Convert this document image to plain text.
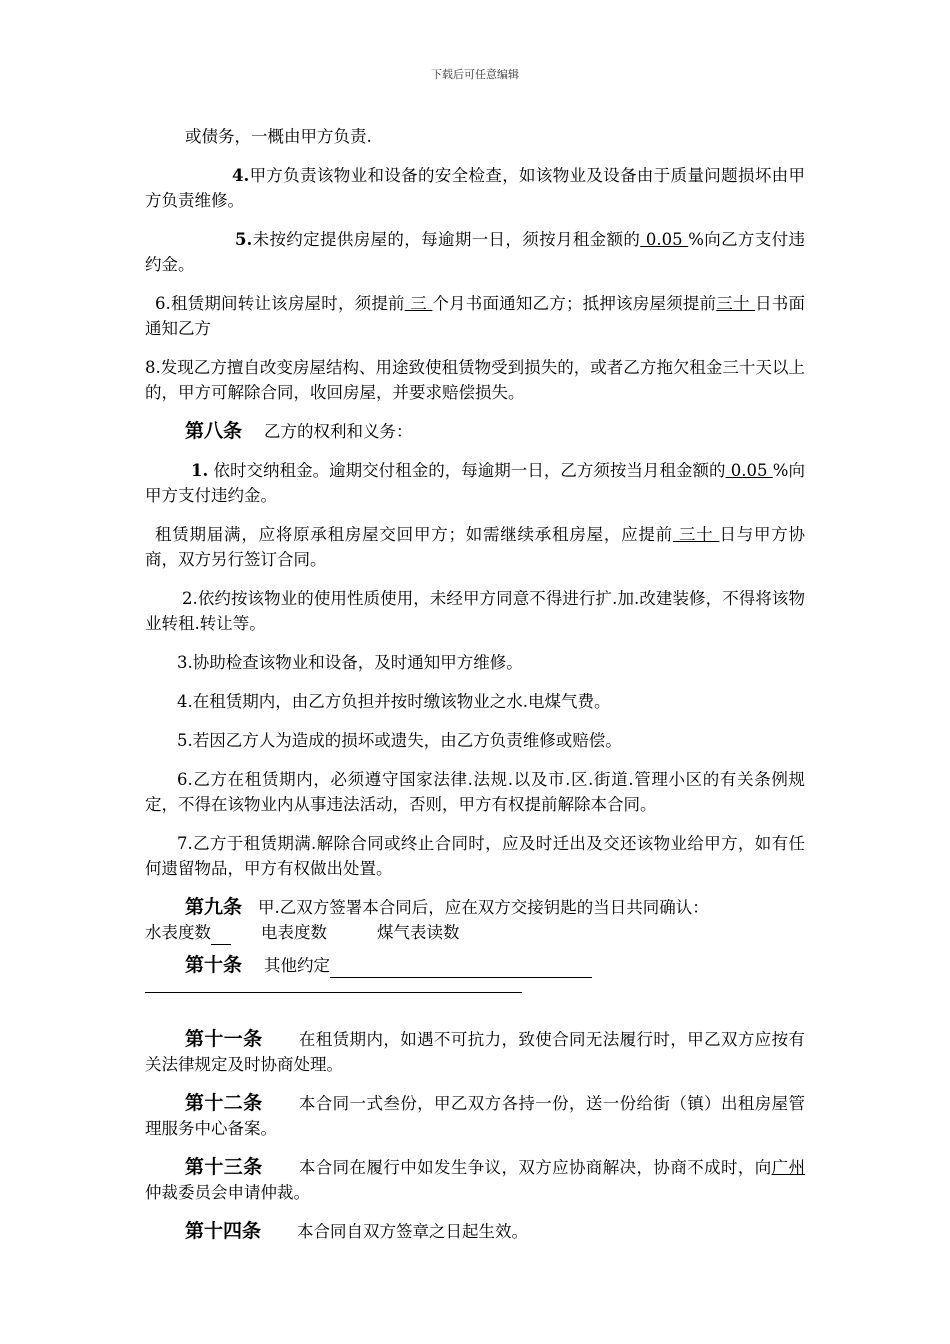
下载后可任意编辑

或债务，一概由甲方负责.

4.甲方负责该物业和设备的安全检查，如该物业及设备由于质量问题损坏由甲方负责维修。

5.未按约定提供房屋的，每逾期一日，须按月租金额的 0.05 %向乙方支付违约金。

6.租赁期间转让该房屋时，须提前 三 个月书面通知乙方；抵押该房屋须提前三十 日书面通知乙方

8.发现乙方擅自改变房屋结构、用途致使租赁物受到损失的，或者乙方拖欠租金三十天以上的，甲方可解除合同，收回房屋，并要求赔偿损失。

第八条 乙方的权利和义务：

1. 依时交纳租金。逾期交付租金的，每逾期一日，乙方须按当月租金额的 0.05 %向甲方支付违约金。

租赁期届满，应将原承租房屋交回甲方；如需继续承租房屋，应提前 三十 日与甲方协商，双方另行签订合同。

2.依约按该物业的使用性质使用，未经甲方同意不得进行扩.加.改建装修，不得将该物业转租.转让等。

3.协助检查该物业和设备，及时通知甲方维修。

4.在租赁期内，由乙方负担并按时缴该物业之水.电煤气费。

5.若因乙方人为造成的损坏或遗失，由乙方负责维修或赔偿。

6.乙方在租赁期内，必须遵守国家法律.法规.以及市.区.街道.管理小区的有关条例规定，不得在该物业内从事违法活动，否则，甲方有权提前解除本合同。

7.乙方于租赁期满.解除合同或终止合同时，应及时迁出及交还该物业给甲方，如有任何遗留物品，甲方有权做出处置。

第九条 甲.乙双方签署本合同后，应在双方交接钥匙的当日共同确认：
水表度数	电表度数	煤气表读数

第十条 其他约定

第十一条 在租赁期内，如遇不可抗力，致使合同无法履行时，甲乙双方应按有关法律规定及时协商处理。

第十二条 本合同一式叁份，甲乙双方各持一份，送一份给街（镇）出租房屋管理服务中心备案。

第十三条 本合同在履行中如发生争议，双方应协商解决，协商不成时，向广州仲裁委员会申请仲裁。

第十四条 本合同自双方签章之日起生效。
